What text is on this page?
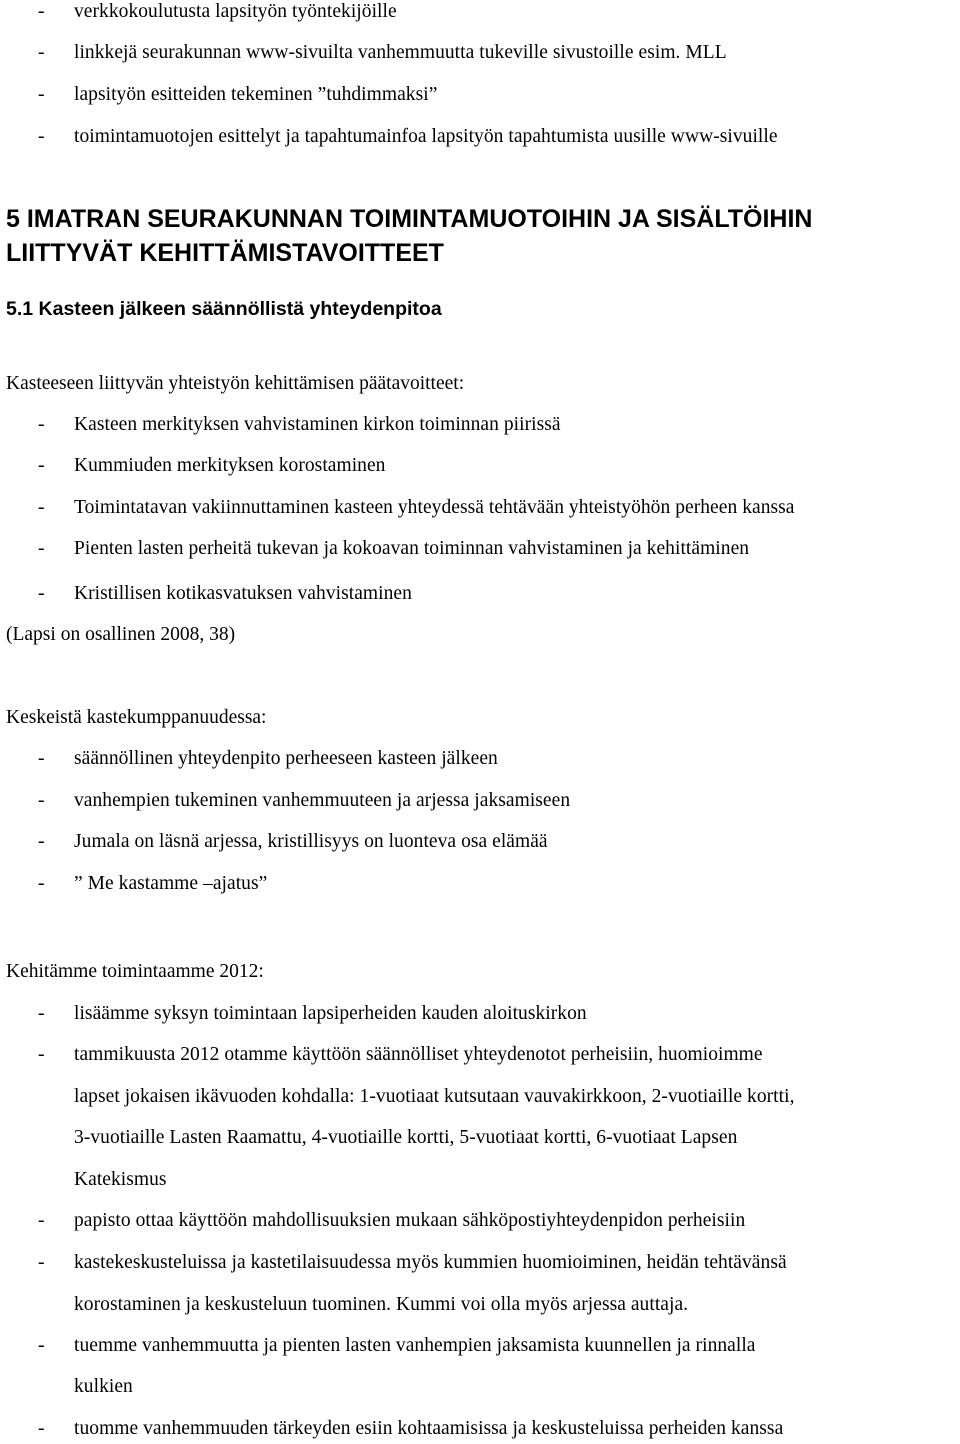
- verkkokoulutusta lapsityön työntekijöille
- linkkejä seurakunnan www-sivuilta vanhemmuutta tukeville sivustoille esim. MLL
- lapsityön esitteiden tekeminen ”tuhdimmaksi”
- toimintamuotojen esittelyt ja tapahtumainfoa lapsityön tapahtumista uusille www-sivuille
5 IMATRAN SEURAKUNNAN TOIMINTAMUOTOIHIN JA SISÄLTÖIHIN
LIITTYVÄT KEHITTÄMISTAVOITTEET
5.1 Kasteen jälkeen säännöllistä yhteydenpitoa
Kasteeseen liittyvän yhteistyön kehittämisen päätavoitteet:
- Kasteen merkityksen vahvistaminen kirkon toiminnan piirissä
- Kummiuden merkityksen korostaminen
- Toimintatavan vakiinnuttaminen kasteen yhteydessä tehtävään yhteistyöhön perheen kanssa
- Pienten lasten perheitä tukevan ja kokoavan toiminnan vahvistaminen ja kehittäminen
- Kristillisen kotikasvatuksen vahvistaminen
(Lapsi on osallinen 2008, 38)
Keskeistä kastekumppanuudessa:
- säännöllinen yhteydenpito perheeseen kasteen jälkeen
- vanhempien tukeminen vanhemmuuteen ja arjessa jaksamiseen
- Jumala on läsnä arjessa, kristillisyys on luonteva osa elämää
- ” Me kastamme –ajatus”
Kehitämme toimintaamme 2012:
- lisäämme syksyn toimintaan lapsiperheiden kauden aloituskirkon
- tammikuusta 2012 otamme käyttöön säännölliset yhteydenotot perheisiin, huomioimme
lapset jokaisen ikävuoden kohdalla: 1-vuotiaat kutsutaan vauvakirkkoon, 2-vuotiaille kortti,
3-vuotiaille Lasten Raamattu, 4-vuotiaille kortti, 5-vuotiaat kortti, 6-vuotiaat Lapsen
Katekismus
- papisto ottaa käyttöön mahdollisuuksien mukaan sähköpostiyhteydenpidon perheisiin
- kastekeskusteluissa ja kastetilaisuudessa myös kummien huomioiminen, heidän tehtävänsä
korostaminen ja keskusteluun tuominen. Kummi voi olla myös arjessa auttaja.
- tuemme vanhemmuutta ja pienten lasten vanhempien jaksamista kuunnellen ja rinnalla
kulkien
- tuomme vanhemmuuden tärkeyden esiin kohtaamisissa ja keskusteluissa perheiden kanssa
